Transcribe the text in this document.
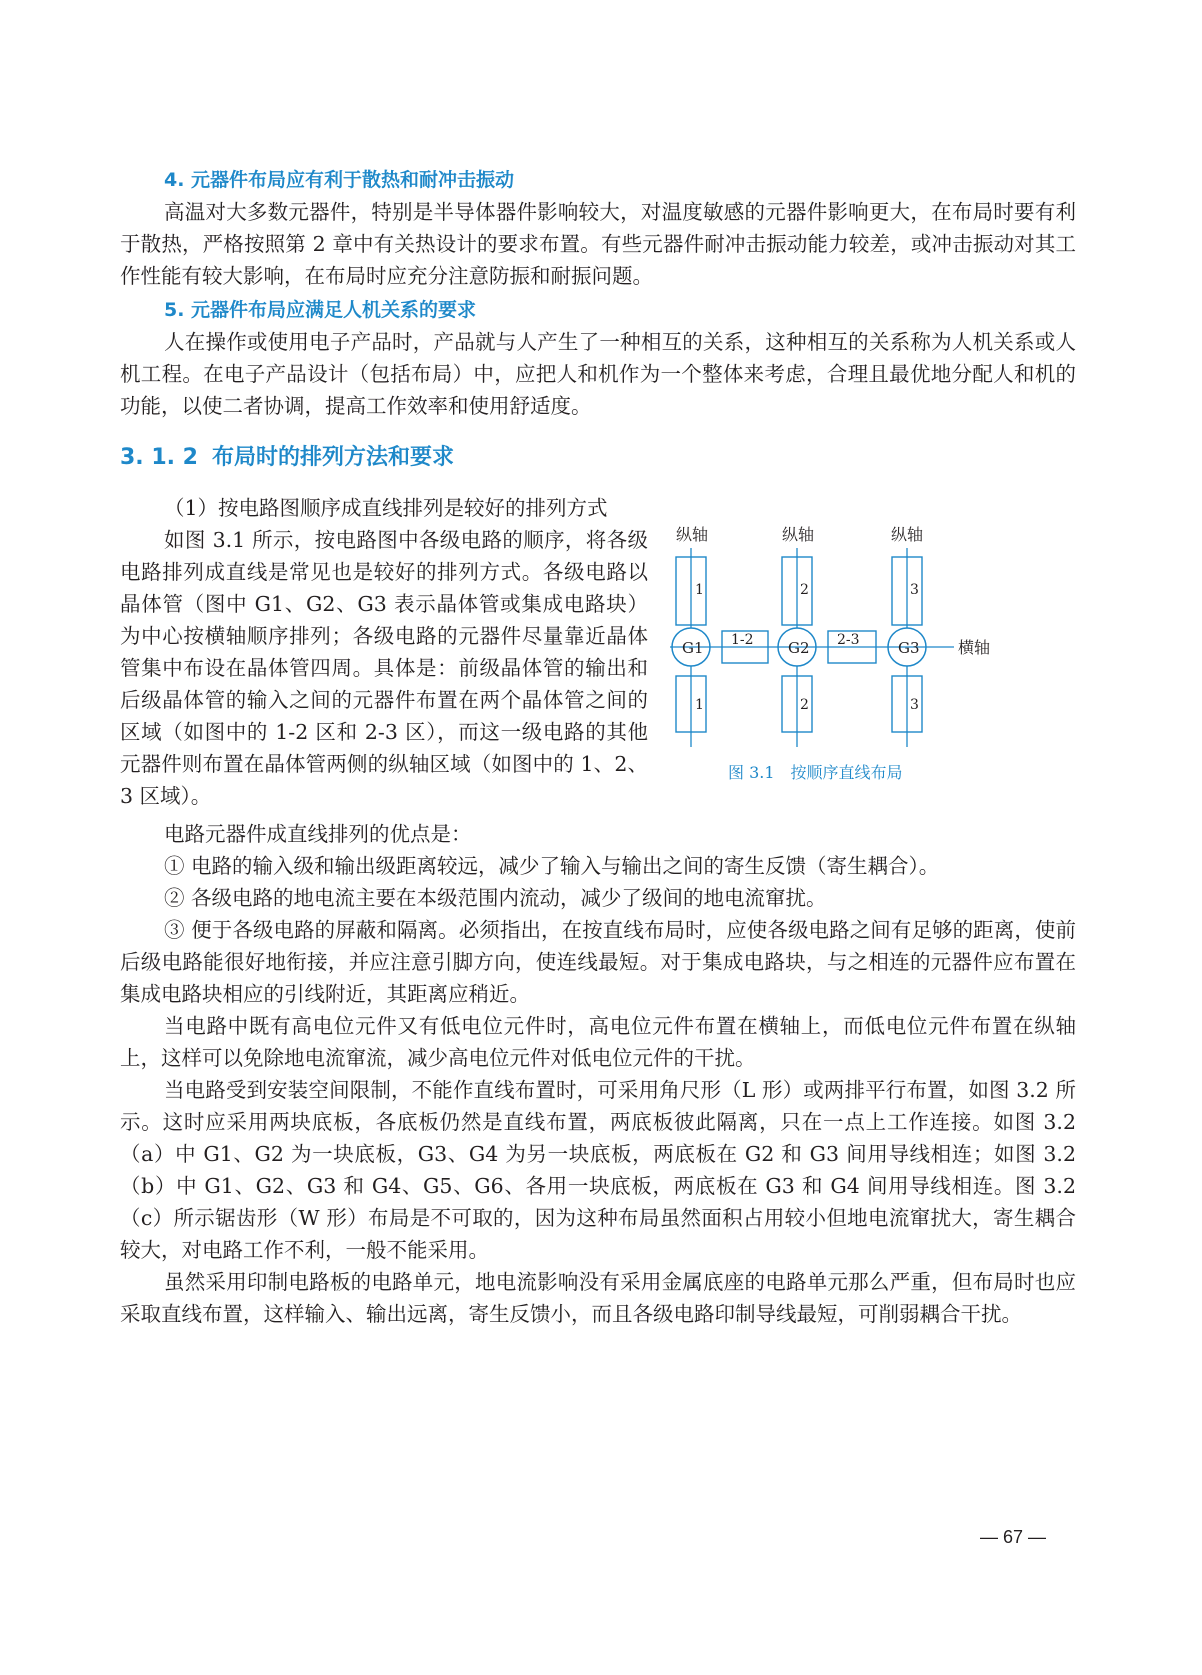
4. 元器件布局应有利于散热和耐冲击振动

高温对大多数元器件，特别是半导体器件影响较大，对温度敏感的元器件影响更大，在布局时要有利于散热，严格按照第 2 章中有关热设计的要求布置。有些元器件耐冲击振动能力较差，或冲击振动对其工作性能有较大影响，在布局时应充分注意防振和耐振问题。

5. 元器件布局应满足人机关系的要求

人在操作或使用电子产品时，产品就与人产生了一种相互的关系，这种相互的关系称为人机关系或人机工程。在电子产品设计（包括布局）中，应把人和机作为一个整体来考虑，合理且最优地分配人和机的功能，以使二者协调，提高工作效率和使用舒适度。

3. 1. 2 布局时的排列方法和要求

（1）按电路图顺序成直线排列是较好的排列方式

如图 3.1 所示，按电路图中各级电路的顺序，将各级电路排列成直线是常见也是较好的排列方式。各级电路以晶体管（图中 G1、G2、G3 表示晶体管或集成电路块）为中心按横轴顺序排列；各级电路的元器件尽量靠近晶体管集中布设在晶体管四周。具体是：前级晶体管的输出和后级晶体管的输入之间的元器件布置在两个晶体管之间的区域（如图中的 1-2 区和 2-3 区），而这一级电路的其他元器件则布置在晶体管两侧的纵轴区域（如图中的 1、2、3 区域）。

纵轴	纵轴	纵轴
横轴
1	2	3
1	2	3
1-2	2-3
G1	G2	G3
图 3.1　按顺序直线布局

电路元器件成直线排列的优点是：

① 电路的输入级和输出级距离较远，减少了输入与输出之间的寄生反馈（寄生耦合）。

② 各级电路的地电流主要在本级范围内流动，减少了级间的地电流窜扰。

③ 便于各级电路的屏蔽和隔离。必须指出，在按直线布局时，应使各级电路之间有足够的距离，使前后级电路能很好地衔接，并应注意引脚方向，使连线最短。对于集成电路块，与之相连的元器件应布置在集成电路块相应的引线附近，其距离应稍近。

当电路中既有高电位元件又有低电位元件时，高电位元件布置在横轴上，而低电位元件布置在纵轴上，这样可以免除地电流窜流，减少高电位元件对低电位元件的干扰。

当电路受到安装空间限制，不能作直线布置时，可采用角尺形（L 形）或两排平行布置，如图 3.2 所示。这时应采用两块底板，各底板仍然是直线布置，两底板彼此隔离，只在一点上工作连接。如图 3.2（a）中 G1、G2 为一块底板，G3、G4 为另一块底板，两底板在 G2 和 G3 间用导线相连；如图 3.2（b）中 G1、G2、G3 和 G4、G5、G6、各用一块底板，两底板在 G3 和 G4 间用导线相连。图 3.2（c）所示锯齿形（W 形）布局是不可取的，因为这种布局虽然面积占用较小但地电流窜扰大，寄生耦合较大，对电路工作不利，一般不能采用。

虽然采用印制电路板的电路单元，地电流影响没有采用金属底座的电路单元那么严重，但布局时也应采取直线布置，这样输入、输出远离，寄生反馈小，而且各级电路印制导线最短，可削弱耦合干扰。

— 67 —
